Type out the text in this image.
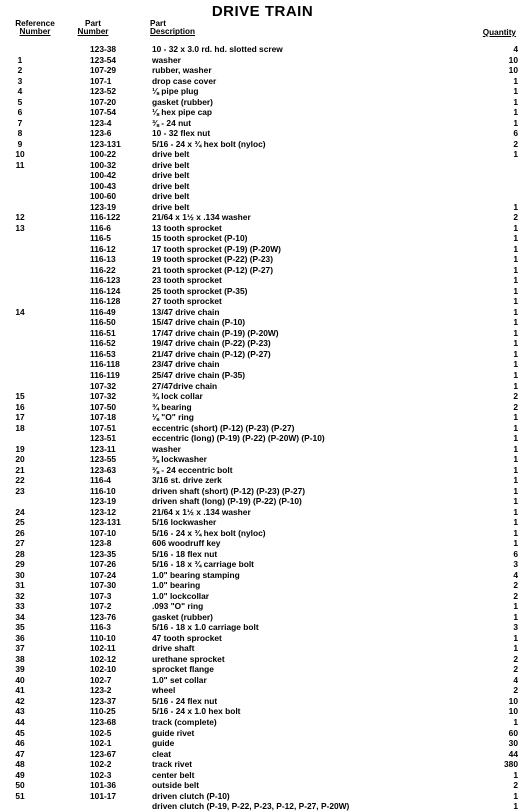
DRIVE TRAIN
Reference
Number
Part
Number
Part
Description	Quantity
123-38	10 - 32 x 3.0 rd. hd. slotted screw	4
1	123-54	washer	10
2	107-29	rubber, washer	10
3	107-1	drop case cover	1
4	123-52	⅛ pipe plug	1
5	107-20	gasket (rubber)	1
6	107-54	⅛ hex pipe cap	1
7	123-4	⅜ - 24 nut	1
8	123-6	10 - 32 flex nut	6
9	123-131	5/16 - 24 x ¾ hex bolt (nyloc)	2
10	100-22	drive belt	1
11	100-32	drive belt
100-42	drive belt
100-43	drive belt
100-60	drive belt
123-19	drive belt	1
12	116-122	21/64 x 1½ x .134 washer	2
13	116-6	13 tooth sprocket	1
116-5	15 tooth sprocket (P-10)	1
116-12	17 tooth sprocket (P-19) (P-20W)	1
116-13	19 tooth sprocket (P-22) (P-23)	1
116-22	21 tooth sprocket (P-12) (P-27)	1
116-123	23 tooth sprocket	1
116-124	25 tooth sprocket (P-35)	1
116-128	27 tooth sprocket	1
14	116-49	13/47 drive chain	1
116-50	15/47 drive chain (P-10)	1
116-51	17/47 drive chain (P-19) (P-20W)	1
116-52	19/47 drive chain (P-22) (P-23)	1
116-53	21/47 drive chain (P-12) (P-27)	1
116-118	23/47 drive chain	1
116-119	25/47 drive chain (P-35)	1
107-32	27/47drive chain	1
15	107-32	¾ lock collar	2
16	107-50	¾ bearing	2
17	107-18	⅛ "O" ring	1
18	107-51	eccentric (short) (P-12) (P-23) (P-27)	1
123-51	eccentric (long) (P-19) (P-22) (P-20W) (P-10)	1
19	123-11	washer	1
20	123-55	⅜ lockwasher	1
21	123-63	⅜ - 24 eccentric bolt	1
22	116-4	3/16 st. drive zerk	1
23	116-10	driven shaft (short) (P-12) (P-23) (P-27)	1
123-19	driven shaft (long) (P-19) (P-22) (P-10)	1
24	123-12	21/64 x 1½ x .134 washer	1
25	123-131	5/16 lockwasher	1
26	107-10	5/16 - 24 x ¾ hex bolt (nyloc)	1
27	123-8	606 woodruff key	1
28	123-35	5/16 - 18 flex nut	6
29	107-26	5/16 - 18 x ¾ carriage bolt	3
30	107-24	1.0" bearing stamping	4
31	107-30	1.0" bearing	2
32	107-3	1.0" lockcollar	2
33	107-2	.093 "O" ring	1
34	123-76	gasket (rubber)	1
35	116-3	5/16 - 18 x 1.0 carriage bolt	3
36	110-10	47 tooth sprocket	1
37	102-11	drive shaft	1
38	102-12	urethane sprocket	2
39	102-10	sprocket flange	2
40	102-7	1.0" set collar	4
41	123-2	wheel	2
42	123-37	5/16 - 24 flex nut	10
43	110-25	5/16 - 24 x 1.0 hex bolt	10
44	123-68	track (complete)	1
45	102-5	guide rivet	60
46	102-1	guide	30
47	123-67	cleat	44
48	102-2	track rivet	380
49	102-3	center belt	1
50	101-36	outside belt	2
51	101-17	driven clutch (P-10)	1
driven clutch (P-19, P-22, P-23, P-12, P-27, P-20W)	1
